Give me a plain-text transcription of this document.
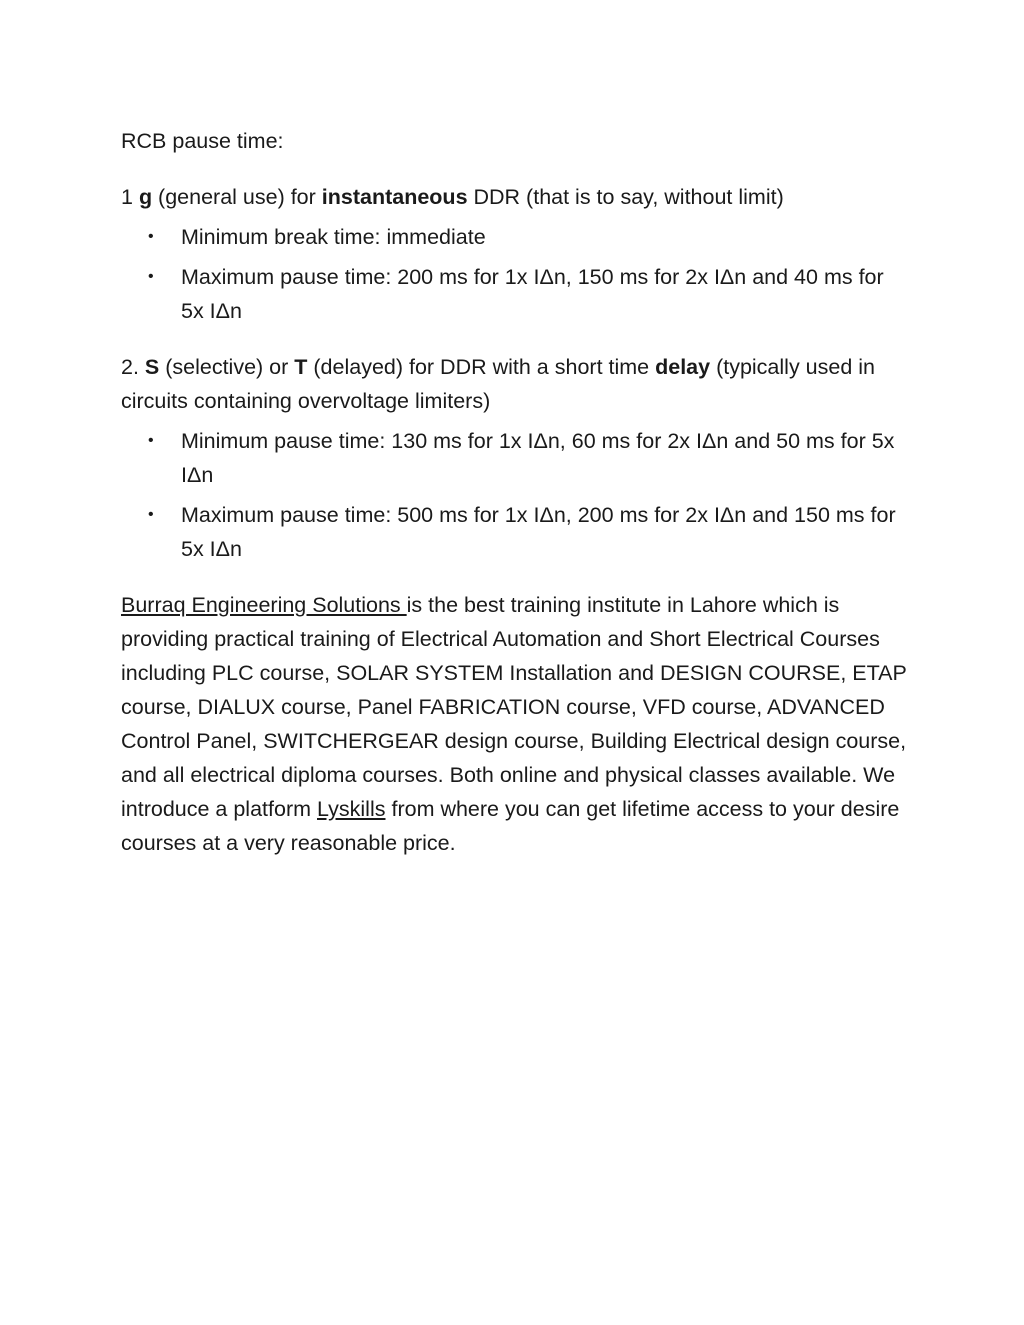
RCB pause time:

1 g (general use) for instantaneous DDR (that is to say, without limit)

• Minimum break time: immediate
• Maximum pause time: 200 ms for 1x IΔn, 150 ms for 2x IΔn and 40 ms for 5x IΔn

2. S (selective) or T (delayed) for DDR with a short time delay (typically used in circuits containing overvoltage limiters)

• Minimum pause time: 130 ms for 1x IΔn, 60 ms for 2x IΔn and 50 ms for 5x IΔn
• Maximum pause time: 500 ms for 1x IΔn, 200 ms for 2x IΔn and 150 ms for 5x IΔn

Burraq Engineering Solutions is the best training institute in Lahore which is providing practical training of Electrical Automation and Short Electrical Courses including PLC course, SOLAR SYSTEM Installation and DESIGN COURSE, ETAP course, DIALUX course, Panel FABRICATION course, VFD course, ADVANCED Control Panel, SWITCHERGEAR design course, Building Electrical design course, and all electrical diploma courses. Both online and physical classes available. We introduce a platform Lyskills from where you can get lifetime access to your desire courses at a very reasonable price.
